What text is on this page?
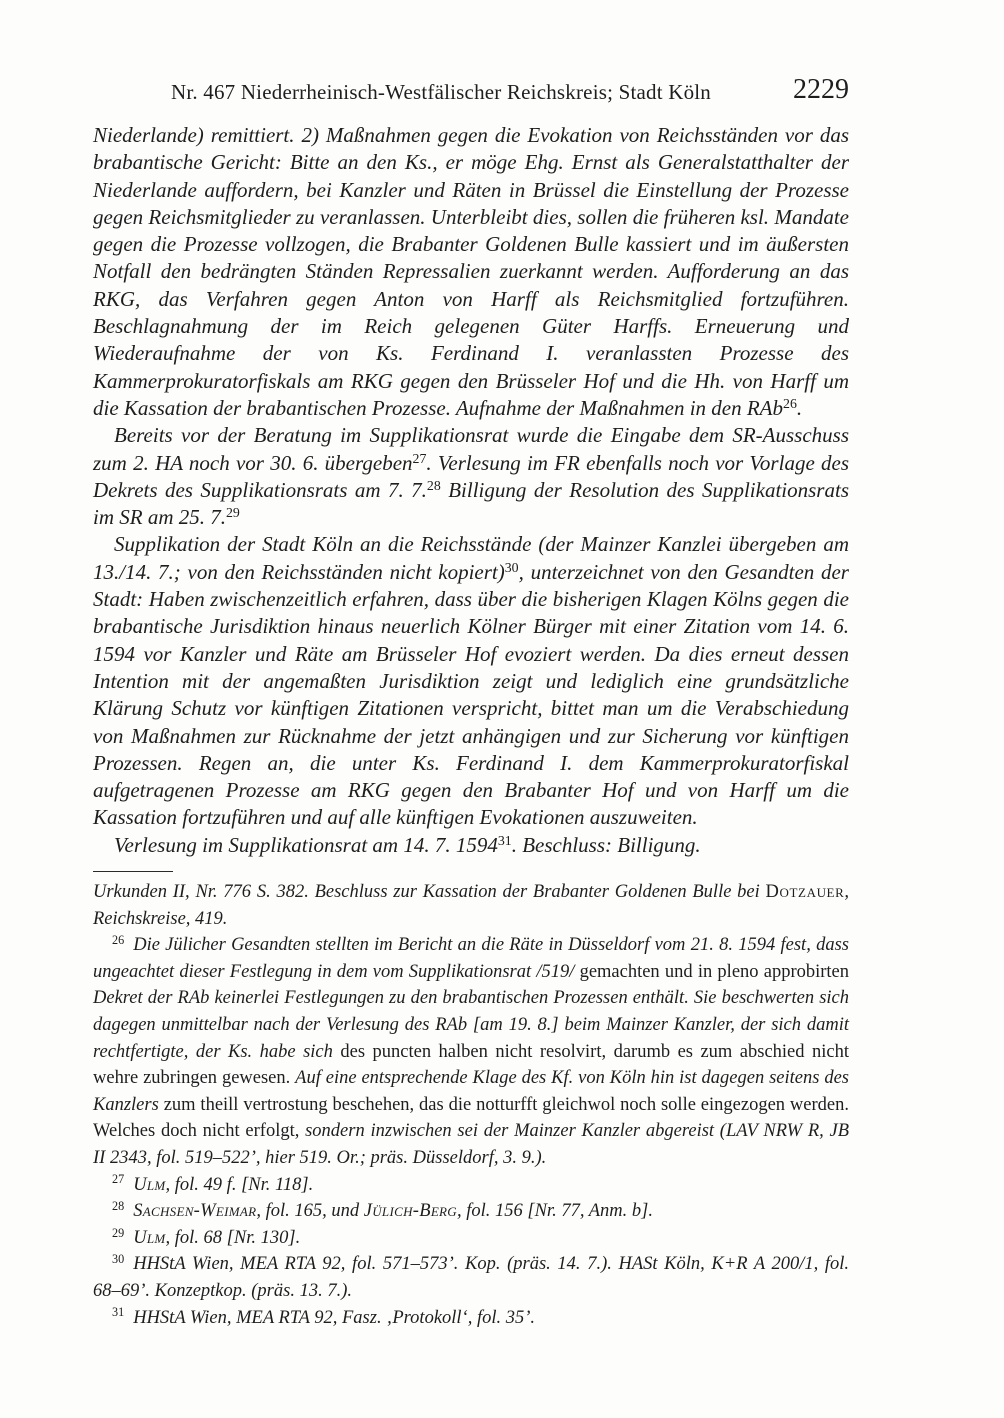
Nr. 467 Niederrheinisch-Westfälischer Reichskreis; Stadt Köln	2229

Niederlande) remittiert. 2) Maßnahmen gegen die Evokation von Reichsständen vor das brabantische Gericht: Bitte an den Ks., er möge Ehg. Ernst als Generalstatthalter der Niederlande auffordern, bei Kanzler und Räten in Brüssel die Einstellung der Prozesse gegen Reichsmitglieder zu veranlassen. Unterbleibt dies, sollen die früheren ksl. Mandate gegen die Prozesse vollzogen, die Brabanter Goldenen Bulle kassiert und im äußersten Notfall den bedrängten Ständen Repressalien zuerkannt werden. Aufforderung an das RKG, das Verfahren gegen Anton von Harff als Reichsmitglied fortzuführen. Beschlagnahmung der im Reich gelegenen Güter Harffs. Erneuerung und Wiederaufnahme der von Ks. Ferdinand I. veranlassten Prozesse des Kammerprokuratorfiskals am RKG gegen den Brüsseler Hof und die Hh. von Harff um die Kassation der brabantischen Prozesse. Aufnahme der Maßnahmen in den RAb$^{26}$.

Bereits vor der Beratung im Supplikationsrat wurde die Eingabe dem SR-Ausschuss zum 2. HA noch vor 30. 6. übergeben$^{27}$. Verlesung im FR ebenfalls noch vor Vorlage des Dekrets des Supplikationsrats am 7. 7.28 Billigung der Resolution des Supplikationsrats im SR am 25. 7.29

Supplikation der Stadt Köln an die Reichsstände (der Mainzer Kanzlei übergeben am 13./14. 7.; von den Reichsständen nicht kopiert)$^{30}$, unterzeichnet von den Gesandten der Stadt: Haben zwischenzeitlich erfahren, dass über die bisherigen Klagen Kölns gegen die brabantische Jurisdiktion hinaus neuerlich Kölner Bürger mit einer Zitation vom 14. 6. 1594 vor Kanzler und Räte am Brüsseler Hof evoziert werden. Da dies erneut dessen Intention mit der angemaßten Jurisdiktion zeigt und lediglich eine grundsätzliche Klärung Schutz vor künftigen Zitationen verspricht, bittet man um die Verabschiedung von Maßnahmen zur Rücknahme der jetzt anhängigen und zur Sicherung vor künftigen Prozessen. Regen an, die unter Ks. Ferdinand I. dem Kammerprokuratorfiskal aufgetragenen Prozesse am RKG gegen den Brabanter Hof und von Harff um die Kassation fortzuführen und auf alle künftigen Evokationen auszuweiten.

Verlesung im Supplikationsrat am 14. 7. 1594$^{31}$. Beschluss: Billigung.

Urkunden II, Nr. 776 S. 382. Beschluss zur Kassation der Brabanter Goldenen Bulle bei Dotzauer, Reichskreise, 419.

$^{26}$ Die Jülicher Gesandten stellten im Bericht an die Räte in Düsseldorf vom 21. 8. 1594 fest, dass ungeachtet dieser Festlegung in dem vom Supplikationsrat /519/ gemachten und in pleno approbirten Dekret der RAb keinerlei Festlegungen zu den brabantischen Prozessen enthält. Sie beschwerten sich dagegen unmittelbar nach der Verlesung des RAb [am 19. 8.] beim Mainzer Kanzler, der sich damit rechtfertigte, der Ks. habe sich des puncten halben nicht resolvirt, darumb es zum abschied nicht wehre zubringen gewesen. Auf eine entsprechende Klage des Kf. von Köln hin ist dagegen seitens des Kanzlers zum theill vertrostung beschehen, das die notturfft gleichwol noch solle eingezogen werden. Welches doch nicht erfolgt, sondern inzwischen sei der Mainzer Kanzler abgereist (LAV NRW R, JB II 2343, fol. 519–522’, hier 519. Or.; präs. Düsseldorf, 3. 9.).

$^{27}$ Ulm, fol. 49 f. [Nr. 118].

$^{28}$ Sachsen-Weimar, fol. 165, und Jülich-Berg, fol. 156 [Nr. 77, Anm. b].

$^{29}$ Ulm, fol. 68 [Nr. 130].

$^{30}$ HHStA Wien, MEA RTA 92, fol. 571–573’. Kop. (präs. 14. 7.). HASt Köln, K+R A 200/1, fol. 68–69’. Konzeptkop. (präs. 13. 7.).

$^{31}$ HHStA Wien, MEA RTA 92, Fasz. ‚Protokoll‘, fol. 35’.
